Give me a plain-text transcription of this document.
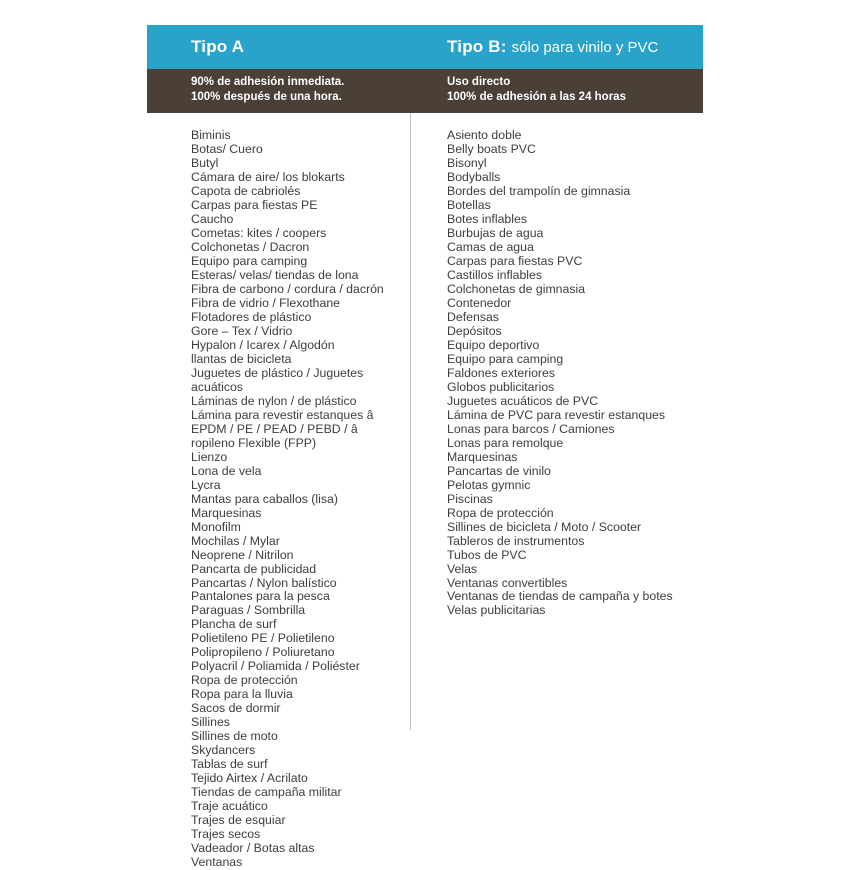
Tipo A
90% de adhesión inmediata.
100% después de una hora.
Biminis
Botas/ Cuero
Butyl
Cámara de aire/ los blokarts
Capota de cabriolés
Carpas para fiestas PE
Caucho
Cometas: kites / coopers
Colchonetas / Dacron
Equipo para camping
Esteras/ velas/ tiendas de lona
Fibra de carbono / cordura / dacrón
Fibra de vidrio / Flexothane
Flotadores de plástico
Gore – Tex / Vidrio
Hypalon / Icarex / Algodón
llantas de bicicleta
Juguetes de plástico / Juguetes
acuáticos
Láminas de nylon / de plástico
Lámina para revestir estanques â
EPDM / PE / PEAD / PEBD / â
ropileno Flexible (FPP)
Lienzo
Lona de vela
Lycra
Mantas para caballos (lisa)
Marquesinas
Monofilm
Mochilas / Mylar
Neoprene / Nitrilon
Pancarta de publicidad
Pancartas / Nylon balístico
Pantalones para la pesca
Paraguas / Sombrilla
Plancha de surf
Polietileno PE / Polietileno
Polipropileno / Poliuretano
Polyacril / Poliamida / Poliéster
Ropa de protección
Ropa para la lluvia
Sacos de dormir
Sillines
Sillines de moto
Skydancers
Tablas de surf
Tejido Airtex / Acrilato
Tiendas de campaña militar
Traje acuático
Trajes de esquiar
Trajes secos
Vadeador / Botas altas
Ventanas
Tipo B: sólo para vinilo y PVC
Uso directo
100% de adhesión a las 24 horas
Asiento doble
Belly boats PVC
Bisonyl
Bodyballs
Bordes del trampolín de gimnasia
Botellas
Botes inflables
Burbujas de agua
Camas de agua
Carpas para fiestas PVC
Castillos inflables
Colchonetas de gimnasia
Contenedor
Defensas
Depósitos
Equipo deportivo
Equipo para camping
Faldones exteriores
Globos publicitarios
Juguetes acuáticos de PVC
Lámina de PVC para revestir estanques
Lonas para barcos / Camiones
Lonas para remolque
Marquesinas
Pancartas de vinilo
Pelotas gymnic
Piscinas
Ropa de protección
Sillines de bicicleta / Moto / Scooter
Tableros de instrumentos
Tubos de PVC
Velas
Ventanas convertibles
Ventanas de tiendas de campaña y botes
Velas publicitarias
